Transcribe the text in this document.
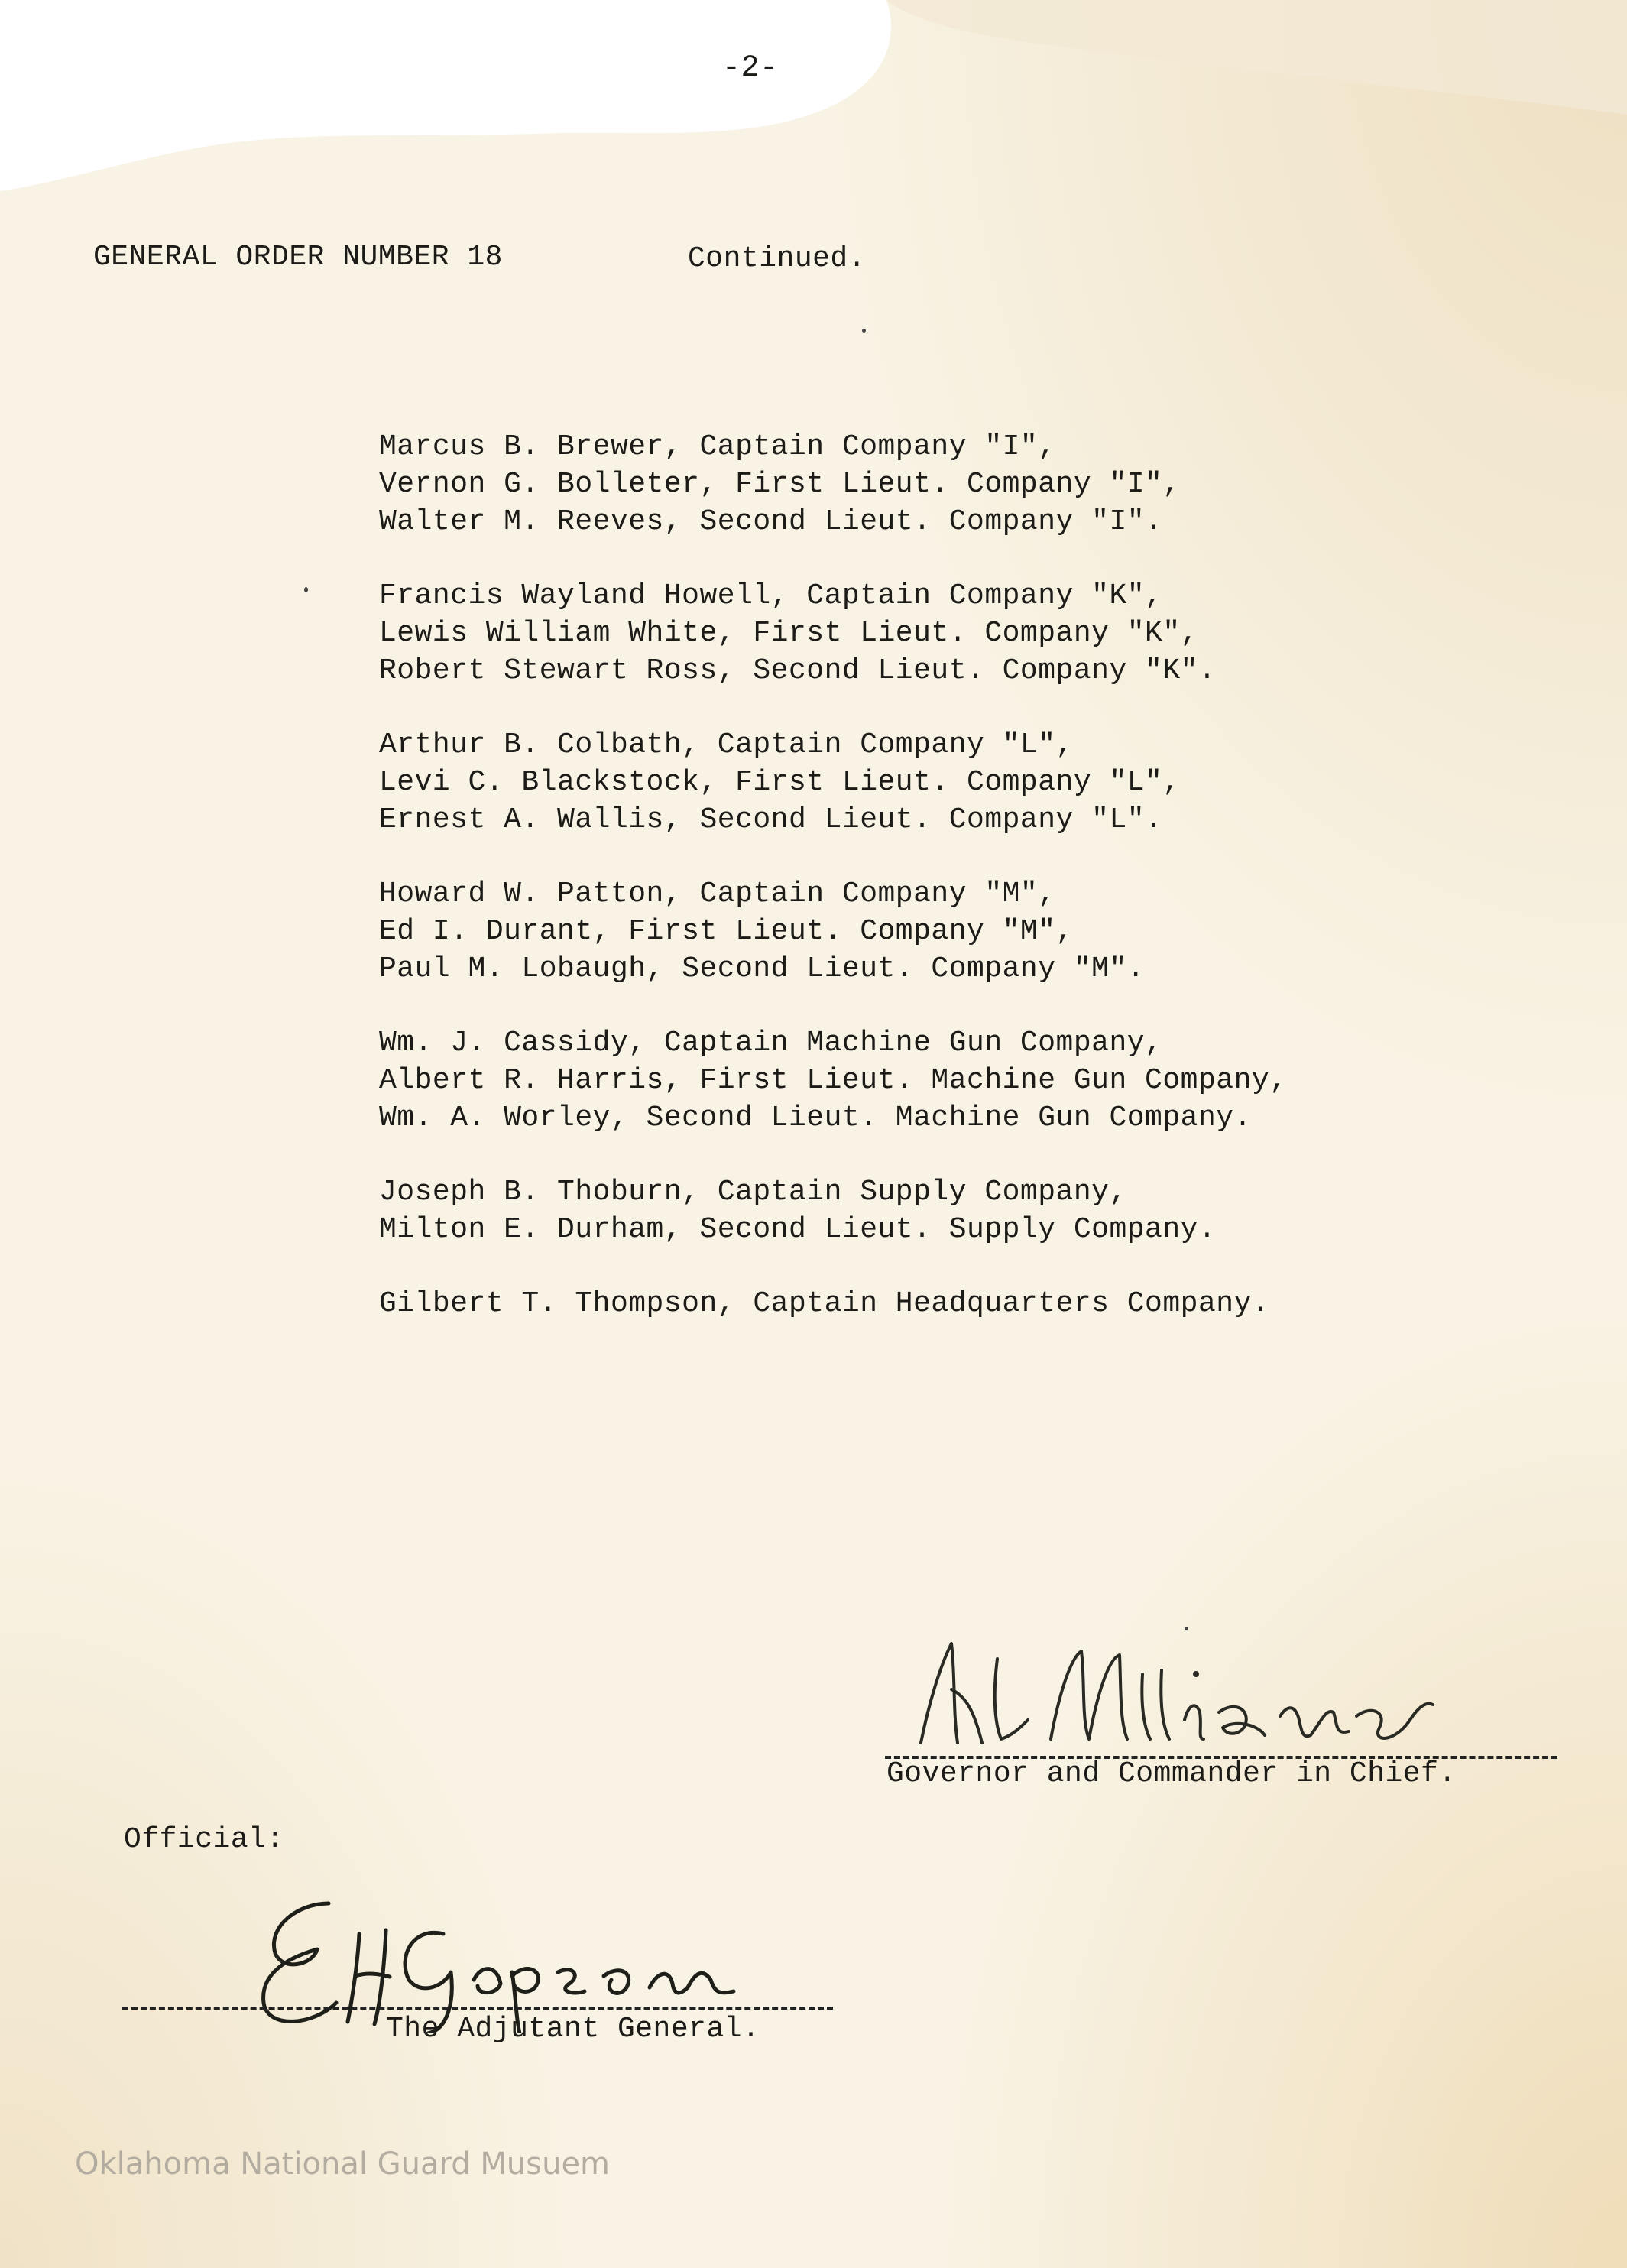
-2-
GENERAL ORDER NUMBER 18	Continued.
Marcus B. Brewer, Captain Company "I",
Vernon G. Bolleter, First Lieut. Company "I",
Walter M. Reeves, Second Lieut. Company "I".
Francis Wayland Howell, Captain Company "K",
Lewis William White, First Lieut. Company "K",
Robert Stewart Ross, Second Lieut. Company "K".
Arthur B. Colbath, Captain Company "L",
Levi C. Blackstock, First Lieut. Company "L",
Ernest A. Wallis, Second Lieut. Company "L".
Howard W. Patton, Captain Company "M",
Ed I. Durant, First Lieut. Company "M",
Paul M. Lobaugh, Second Lieut. Company "M".
Wm. J. Cassidy, Captain Machine Gun Company,
Albert R. Harris, First Lieut. Machine Gun Company,
Wm. A. Worley, Second Lieut. Machine Gun Company.
Joseph B. Thoburn, Captain Supply Company,
Milton E. Durham, Second Lieut. Supply Company.
Gilbert T. Thompson, Captain Headquarters Company.
Governor and Commander in Chief.
Official:
The Adjutant General.
Oklahoma National Guard Musuem
